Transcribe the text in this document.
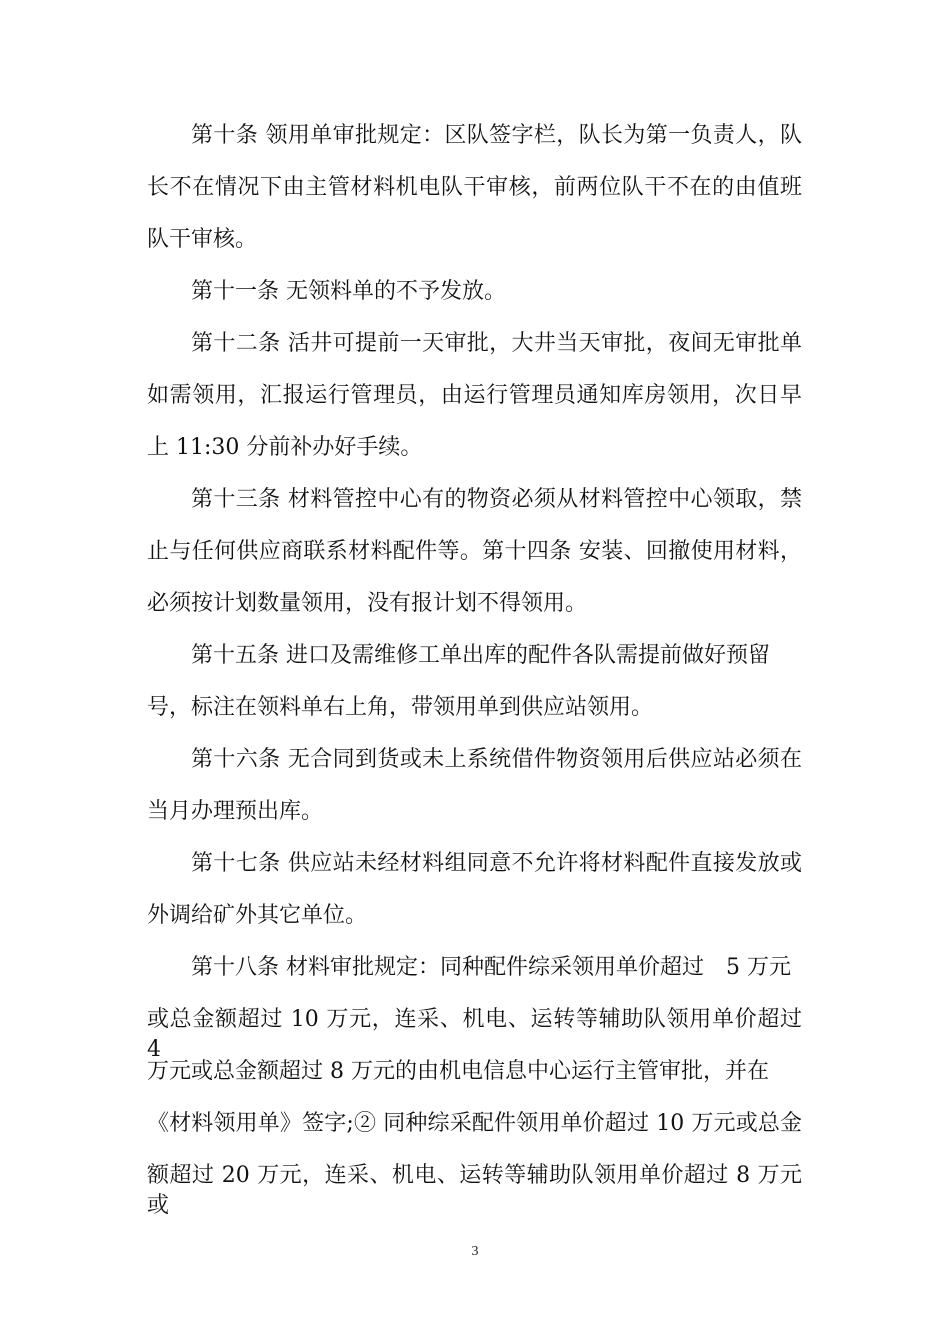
第十条 领用单审批规定：区队签字栏，队长为第一负责人，队
长不在情况下由主管材料机电队干审核，前两位队干不在的由值班
队干审核。
第十一条 无领料单的不予发放。
第十二条 活井可提前一天审批，大井当天审批，夜间无审批单
如需领用，汇报运行管理员，由运行管理员通知库房领用，次日早
上 11:30 分前补办好手续。
第十三条 材料管控中心有的物资必须从材料管控中心领取，禁
止与任何供应商联系材料配件等。第十四条 安装、回撤使用材料，
必须按计划数量领用，没有报计划不得领用。
第十五条 进口及需维修工单出库的配件各队需提前做好预留
号，标注在领料单右上角，带领用单到供应站领用。
第十六条 无合同到货或未上系统借件物资领用后供应站必须在
当月办理预出库。
第十七条 供应站未经材料组同意不允许将材料配件直接发放或
外调给矿外其它单位。
第十八条 材料审批规定：同种配件综采领用单价超过　5 万元
或总金额超过 10 万元，连采、机电、运转等辅助队领用单价超过 4
万元或总金额超过 8 万元的由机电信息中心运行主管审批，并在
《材料领用单》签字;② 同种综采配件领用单价超过 10 万元或总金
额超过 20 万元，连采、机电、运转等辅助队领用单价超过 8 万元或
3
